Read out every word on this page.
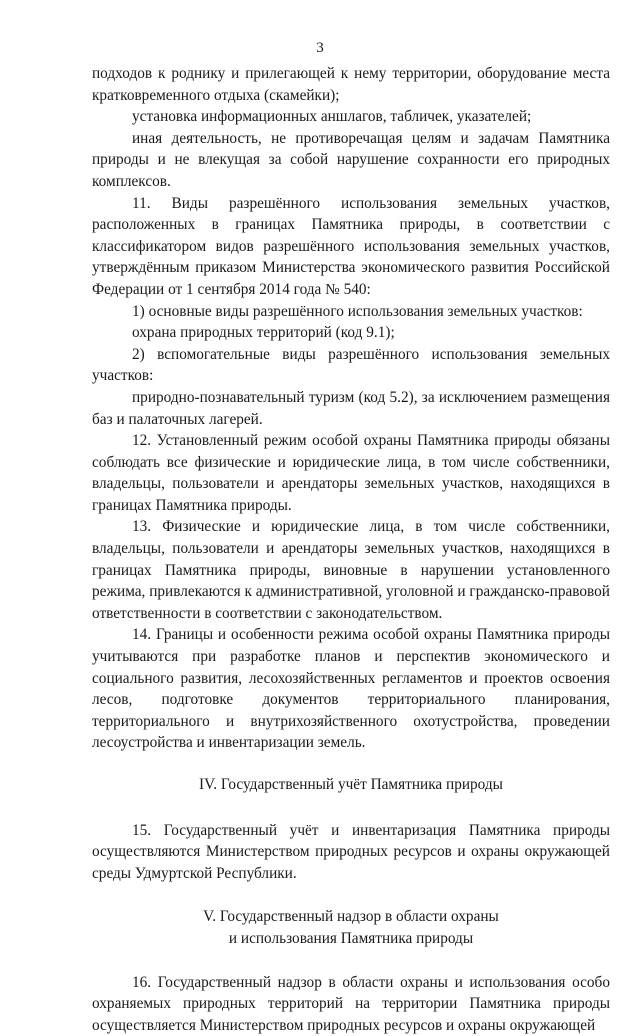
3

подходов к роднику и прилегающей к нему территории, оборудование места кратковременного отдыха (скамейки);

установка информационных аншлагов, табличек, указателей;

иная деятельность, не противоречащая целям и задачам Памятника природы и не влекущая за собой нарушение сохранности его природных комплексов.

11. Виды разрешённого использования земельных участков, расположенных в границах Памятника природы, в соответствии с классификатором видов разрешённого использования земельных участков, утверждённым приказом Министерства экономического развития Российской Федерации от 1 сентября 2014 года № 540:

1) основные виды разрешённого использования земельных участков:

охрана природных территорий (код 9.1);

2) вспомогательные виды разрешённого использования земельных участков:

природно-познавательный туризм (код 5.2), за исключением размещения баз и палаточных лагерей.

12. Установленный режим особой охраны Памятника природы обязаны соблюдать все физические и юридические лица, в том числе собственники, владельцы, пользователи и арендаторы земельных участков, находящихся в границах Памятника природы.

13. Физические и юридические лица, в том числе собственники, владельцы, пользователи и арендаторы земельных участков, находящихся в границах Памятника природы, виновные в нарушении установленного режима, привлекаются к административной, уголовной и гражданско-правовой ответственности в соответствии с законодательством.

14. Границы и особенности режима особой охраны Памятника природы учитываются при разработке планов и перспектив экономического и социального развития, лесохозяйственных регламентов и проектов освоения лесов, подготовке документов территориального планирования, территориального и внутрихозяйственного охотустройства, проведении лесоустройства и инвентаризации земель.

IV. Государственный учёт Памятника природы

15. Государственный учёт и инвентаризация Памятника природы осуществляются Министерством природных ресурсов и охраны окружающей среды Удмуртской Республики.

V. Государственный надзор в области охраны

и использования Памятника природы

16. Государственный надзор в области охраны и использования особо охраняемых природных территорий на территории Памятника природы осуществляется Министерством природных ресурсов и охраны окружающей
